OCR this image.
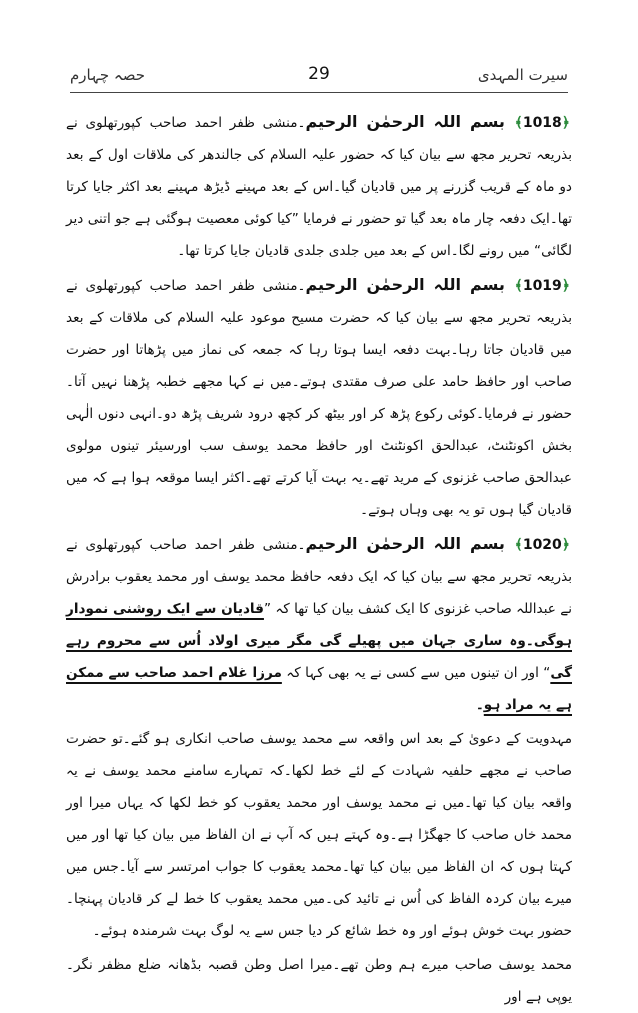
سیرت المہدی
29
حصہ چہارم

﴾1018﴿ بسم اللہ الرحمٰن الرحیم۔منشی ظفر احمد صاحب کپورتھلوی نے بذریعہ تحریر مجھ سے بیان کیا کہ حضور علیہ السلام کی جالندھر کی ملاقات اول کے بعد دو ماہ کے قریب گزرنے پر میں قادیان گیا۔اس کے بعد مہینے ڈیڑھ مہینے بعد اکثر جایا کرتا تھا۔ایک دفعہ چار ماہ بعد گیا تو حضور نے فرمایا ”کیا کوئی معصیت ہوگئی ہے جو اتنی دیر لگائی“ میں رونے لگا۔اس کے بعد میں جلدی جلدی قادیان جایا کرتا تھا۔

﴾1019﴿ بسم اللہ الرحمٰن الرحیم۔منشی ظفر احمد صاحب کپورتھلوی نے بذریعہ تحریر مجھ سے بیان کیا کہ حضرت مسیح موعود علیہ السلام کی ملاقات کے بعد میں قادیان جاتا رہا۔بہت دفعہ ایسا ہوتا رہا کہ جمعہ کی نماز میں پڑھاتا اور حضرت صاحب اور حافظ حامد علی صرف مقتدی ہوتے۔میں نے کہا مجھے خطبہ پڑھنا نہیں آتا۔حضور نے فرمایا۔کوئی رکوع پڑھ کر اور بیٹھ کر کچھ درود شریف پڑھ دو۔انہی دنوں الٰہی بخش اکونٹنٹ، عبدالحق اکونٹنٹ اور حافظ محمد یوسف سب اورسیئر تینوں مولوی عبدالحق صاحب غزنوی کے مرید تھے۔یہ بہت آیا کرتے تھے۔اکثر ایسا موقعہ ہوا ہے کہ میں قادیان گیا ہوں تو یہ بھی وہاں ہوتے۔

﴾1020﴿ بسم اللہ الرحمٰن الرحیم۔منشی ظفر احمد صاحب کپورتھلوی نے بذریعہ تحریر مجھ سے بیان کیا کہ ایک دفعہ حافظ محمد یوسف اور محمد یعقوب برادرش نے عبداللہ صاحب غزنوی کا ایک کشف بیان کیا تھا کہ ”قادیان سے ایک روشنی نمودار ہوگی۔وہ ساری جہان میں پھیلے گی مگر میری اولاد اُس سے محروم رہے گی“ اور ان تینوں میں سے کسی نے یہ بھی کہا کہ مرزا غلام احمد صاحب سے ممکن ہے یہ مراد ہو۔

مہدویت کے دعویٰ کے بعد اس واقعہ سے محمد یوسف صاحب انکاری ہو گئے۔تو حضرت صاحب نے مجھے حلفیہ شہادت کے لئے خط لکھا۔کہ تمہارے سامنے محمد یوسف نے یہ واقعہ بیان کیا تھا۔میں نے محمد یوسف اور محمد یعقوب کو خط لکھا کہ یہاں میرا اور محمد خاں صاحب کا جھگڑا ہے۔وہ کہتے ہیں کہ آپ نے ان الفاظ میں بیان کیا تھا اور میں کہتا ہوں کہ ان الفاظ میں بیان کیا تھا۔محمد یعقوب کا جواب امرتسر سے آیا۔جس میں میرے بیان کردہ الفاظ کی اُس نے تائید کی۔میں محمد یعقوب کا خط لے کر قادیان پہنچا۔حضور بہت خوش ہوئے اور وہ خط شائع کر دیا جس سے یہ لوگ بہت شرمندہ ہوئے۔

محمد یوسف صاحب میرے ہم وطن تھے۔میرا اصل وطن قصبہ بڈھانہ ضلع مظفر نگر۔یوپی ہے اور
